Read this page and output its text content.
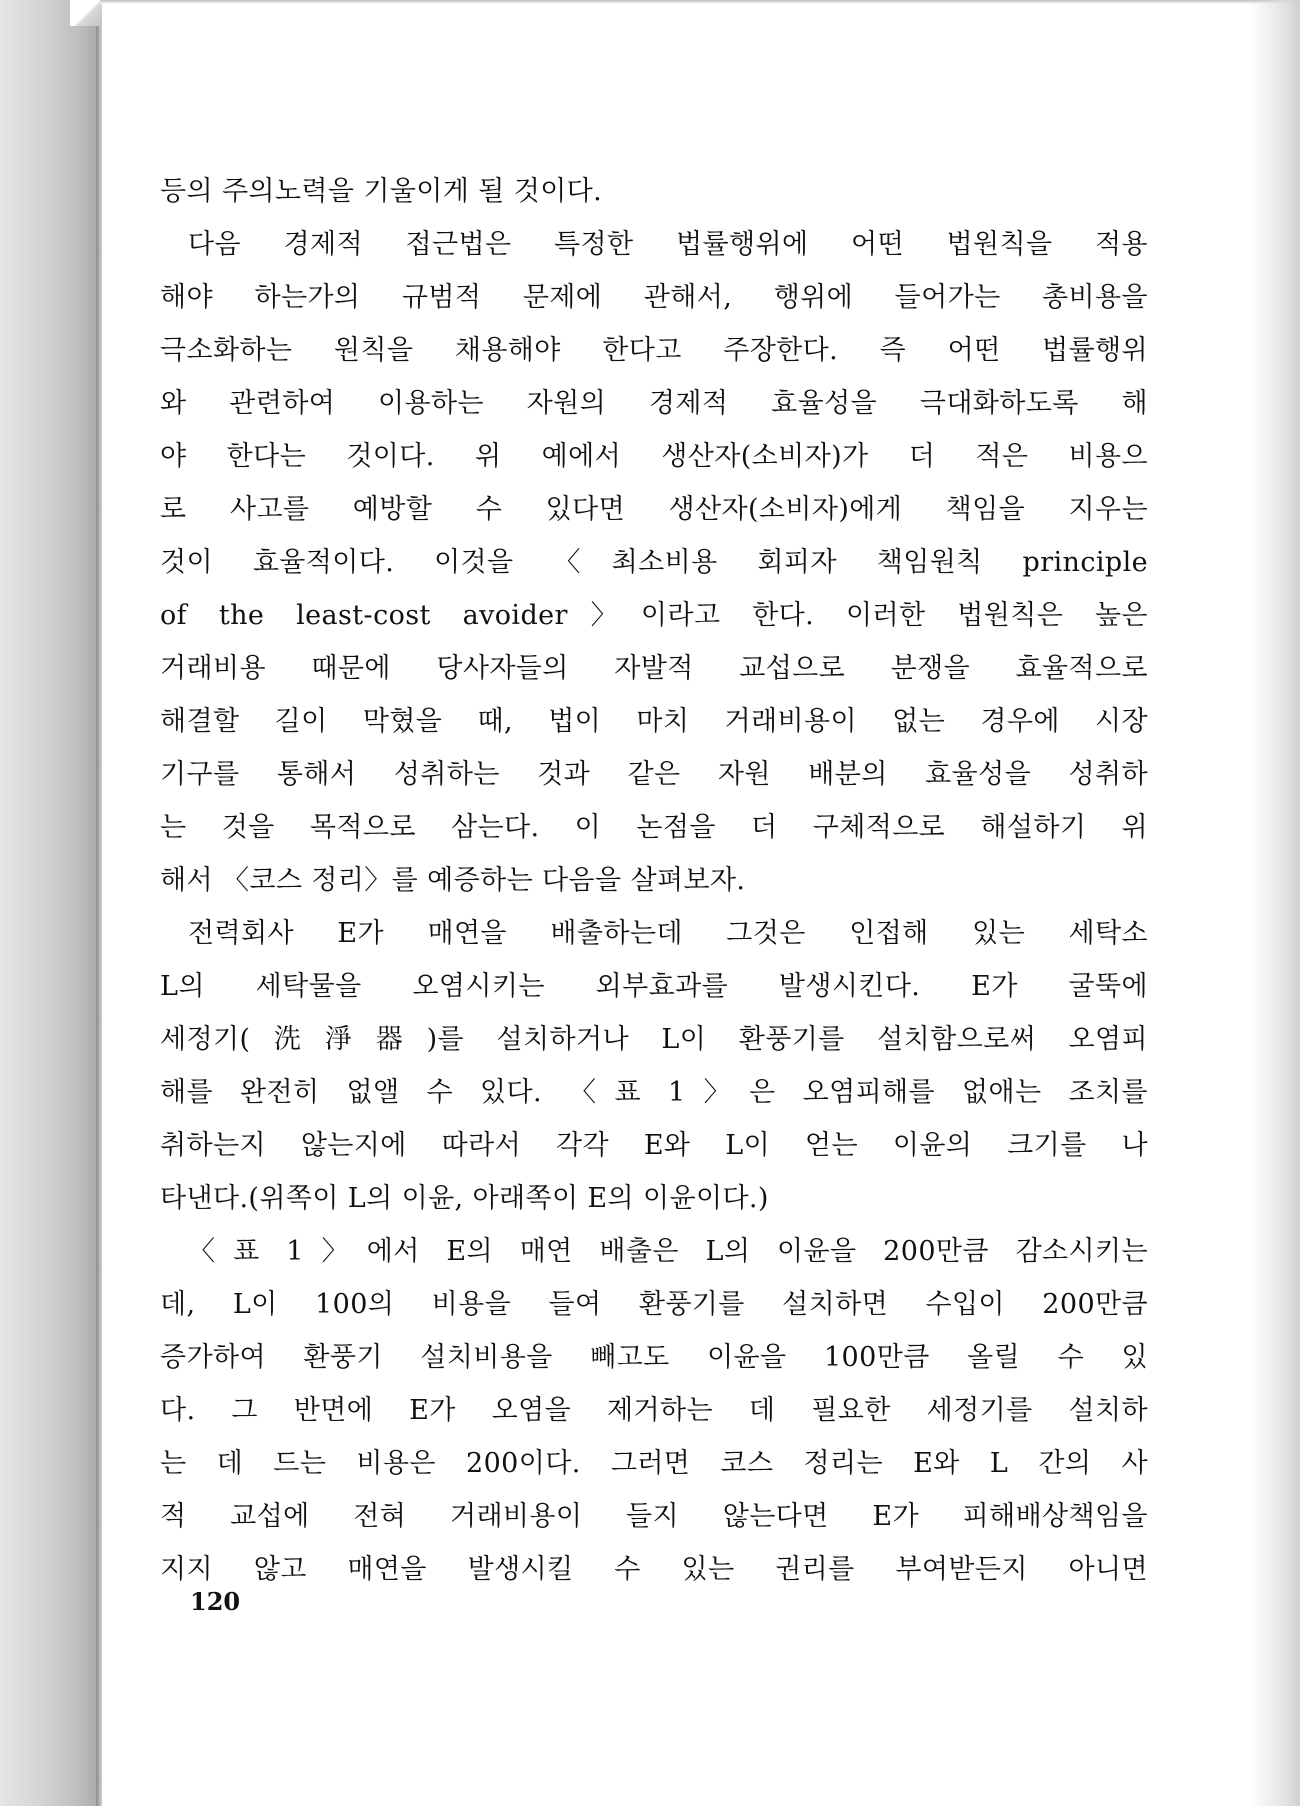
등의 주의노력을 기울이게 될 것이다.
다음 경제적 접근법은 특정한 법률행위에 어떤 법원칙을 적용
해야 하는가의 규범적 문제에 관해서, 행위에 들어가는 총비용을
극소화하는 원칙을 채용해야 한다고 주장한다. 즉 어떤 법률행위
와 관련하여 이용하는 자원의 경제적 효율성을 극대화하도록 해
야 한다는 것이다. 위 예에서 생산자(소비자)가 더 적은 비용으
로 사고를 예방할 수 있다면 생산자(소비자)에게 책임을 지우는
것이 효율적이다. 이것을 〈최소비용 회피자 책임원칙 principle
of the least-cost avoider〉이라고 한다. 이러한 법원칙은 높은
거래비용 때문에 당사자들의 자발적 교섭으로 분쟁을 효율적으로
해결할 길이 막혔을 때, 법이 마치 거래비용이 없는 경우에 시장
기구를 통해서 성취하는 것과 같은 자원 배분의 효율성을 성취하
는 것을 목적으로 삼는다. 이 논점을 더 구체적으로 해설하기 위
해서 〈코스 정리〉를 예증하는 다음을 살펴보자.
전력회사 E가 매연을 배출하는데 그것은 인접해 있는 세탁소
L의 세탁물을 오염시키는 외부효과를 발생시킨다. E가 굴뚝에
세정기(洗淨器)를 설치하거나 L이 환풍기를 설치함으로써 오염피
해를 완전히 없앨 수 있다. 〈표 1〉은 오염피해를 없애는 조치를
취하는지 않는지에 따라서 각각 E와 L이 얻는 이윤의 크기를 나
타낸다.(위쪽이 L의 이윤, 아래쪽이 E의 이윤이다.)
〈표 1〉에서 E의 매연 배출은 L의 이윤을 200만큼 감소시키는
데, L이 100의 비용을 들여 환풍기를 설치하면 수입이 200만큼
증가하여 환풍기 설치비용을 빼고도 이윤을 100만큼 올릴 수 있
다. 그 반면에 E가 오염을 제거하는 데 필요한 세정기를 설치하
는 데 드는 비용은 200이다. 그러면 코스 정리는 E와 L 간의 사
적 교섭에 전혀 거래비용이 들지 않는다면 E가 피해배상책임을
지지 않고 매연을 발생시킬 수 있는 권리를 부여받든지 아니면
120
